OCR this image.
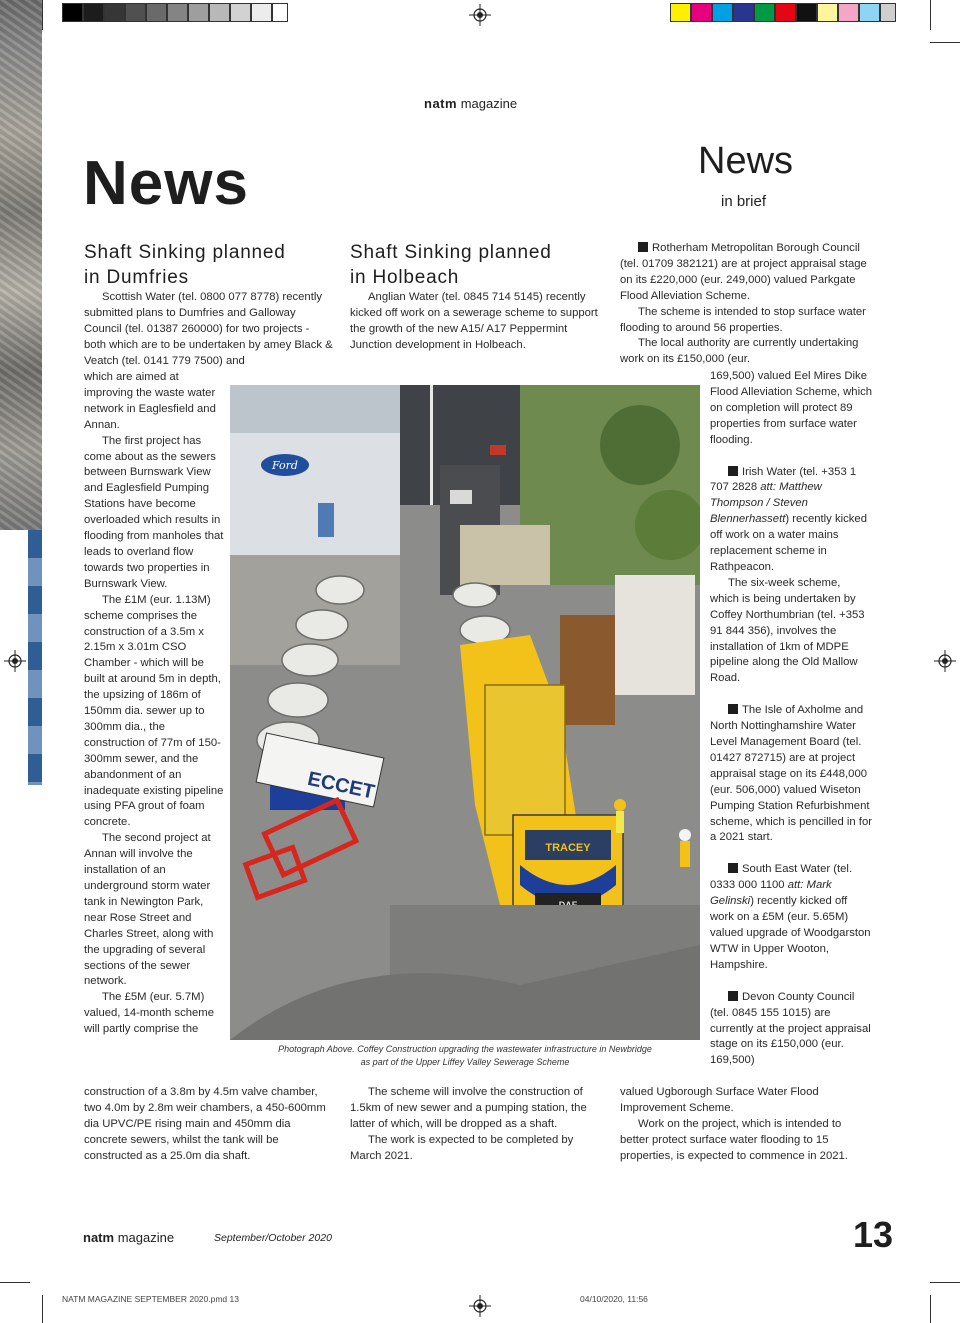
natm magazine
News	News
in brief
Shaft Sinking planned
in Dumfries

Scottish Water (tel. 0800 077 8778) recently submitted plans to Dumfries and Galloway Council (tel. 01387 260000) for two projects - both which are to be undertaken by amey Black & Veatch (tel. 0141 779 7500) and

which are aimed at improving the waste water network in Eaglesfield and Annan.

The first project has come about as the sewers between Burnswark View and Eaglesfield Pumping Stations have become overloaded which results in flooding from manholes that leads to overland flow towards two properties in Burnswark View.

The £1M (eur. 1.13M) scheme comprises the construction of a 3.5m x 2.15m x 3.01m CSO Chamber - which will be built at around 5m in depth, the upsizing of 186m of 150mm dia. sewer up to 300mm dia., the construction of 77m of 150-300mm sewer, and the abandonment of an inadequate existing pipeline using PFA grout of foam concrete.

The second project at Annan will involve the installation of an underground storm water tank in Newington Park, near Rose Street and Charles Street, along with the upgrading of several sections of the sewer network.

The £5M (eur. 5.7M) valued, 14-month scheme will partly comprise the

construction of a 3.8m by 4.5m valve chamber, two 4.0m by 2.8m weir chambers, a 450-600mm dia UPVC/PE rising main and 450mm dia concrete sewers, whilst the tank will be constructed as a 25.0m dia shaft.

Shaft Sinking planned
in Holbeach

Anglian Water (tel. 0845 714 5145) recently kicked off work on a sewerage scheme to support the growth of the new A15/ A17 Peppermint Junction development in Holbeach.

The scheme will involve the construction of 1.5km of new sewer and a pumping station, the latter of which, will be dropped as a shaft.

The work is expected to be completed by March 2021.

Rotherham Metropolitan Borough Council (tel. 01709 382121) are at project appraisal stage on its £220,000 (eur. 249,000) valued Parkgate Flood Alleviation Scheme.

The scheme is intended to stop surface water flooding to around 56 properties.

The local authority are currently undertaking work on its £150,000 (eur.

169,500) valued Eel Mires Dike Flood Alleviation Scheme, which on completion will protect 89 properties from surface water flooding.

Irish Water (tel. +353 1 707 2828 att: Matthew Thompson / Steven Blennerhassett) recently kicked off work on a water mains replacement scheme in Rathpeacon.

The six-week scheme, which is being undertaken by Coffey Northumbrian (tel. +353 91 844 356), involves the installation of 1km of MDPE pipeline along the Old Mallow Road.

The Isle of Axholme and North Nottinghamshire Water Level Management Board (tel. 01427 872715) are at project appraisal stage on its £448,000 (eur. 506,000) valued Wiseton Pumping Station Refurbishment scheme, which is pencilled in for a 2021 start.

South East Water (tel. 0333 000 1100 att: Mark Gelinski) recently kicked off work on a £5M (eur. 5.65M) valued upgrade of Woodgarston WTW in Upper Wooton, Hampshire.

Devon County Council (tel. 0845 155 1015) are currently at the project appraisal stage on its £150,000 (eur. 169,500)

valued Ugborough Surface Water Flood Improvement Scheme.

Work on the project, which is intended to better protect surface water flooding to 15 properties, is expected to commence in 2021.

Ford
ECCET
TRACEY
Photograph Above. Coffey Construction upgrading the wastewater infrastructure in Newbridge
as part of the Upper Liffey Valley Sewerage Scheme
natm magazine	September/October 2020	13
NATM MAGAZINE SEPTEMBER 2020.pmd 13	04/10/2020, 11:56
